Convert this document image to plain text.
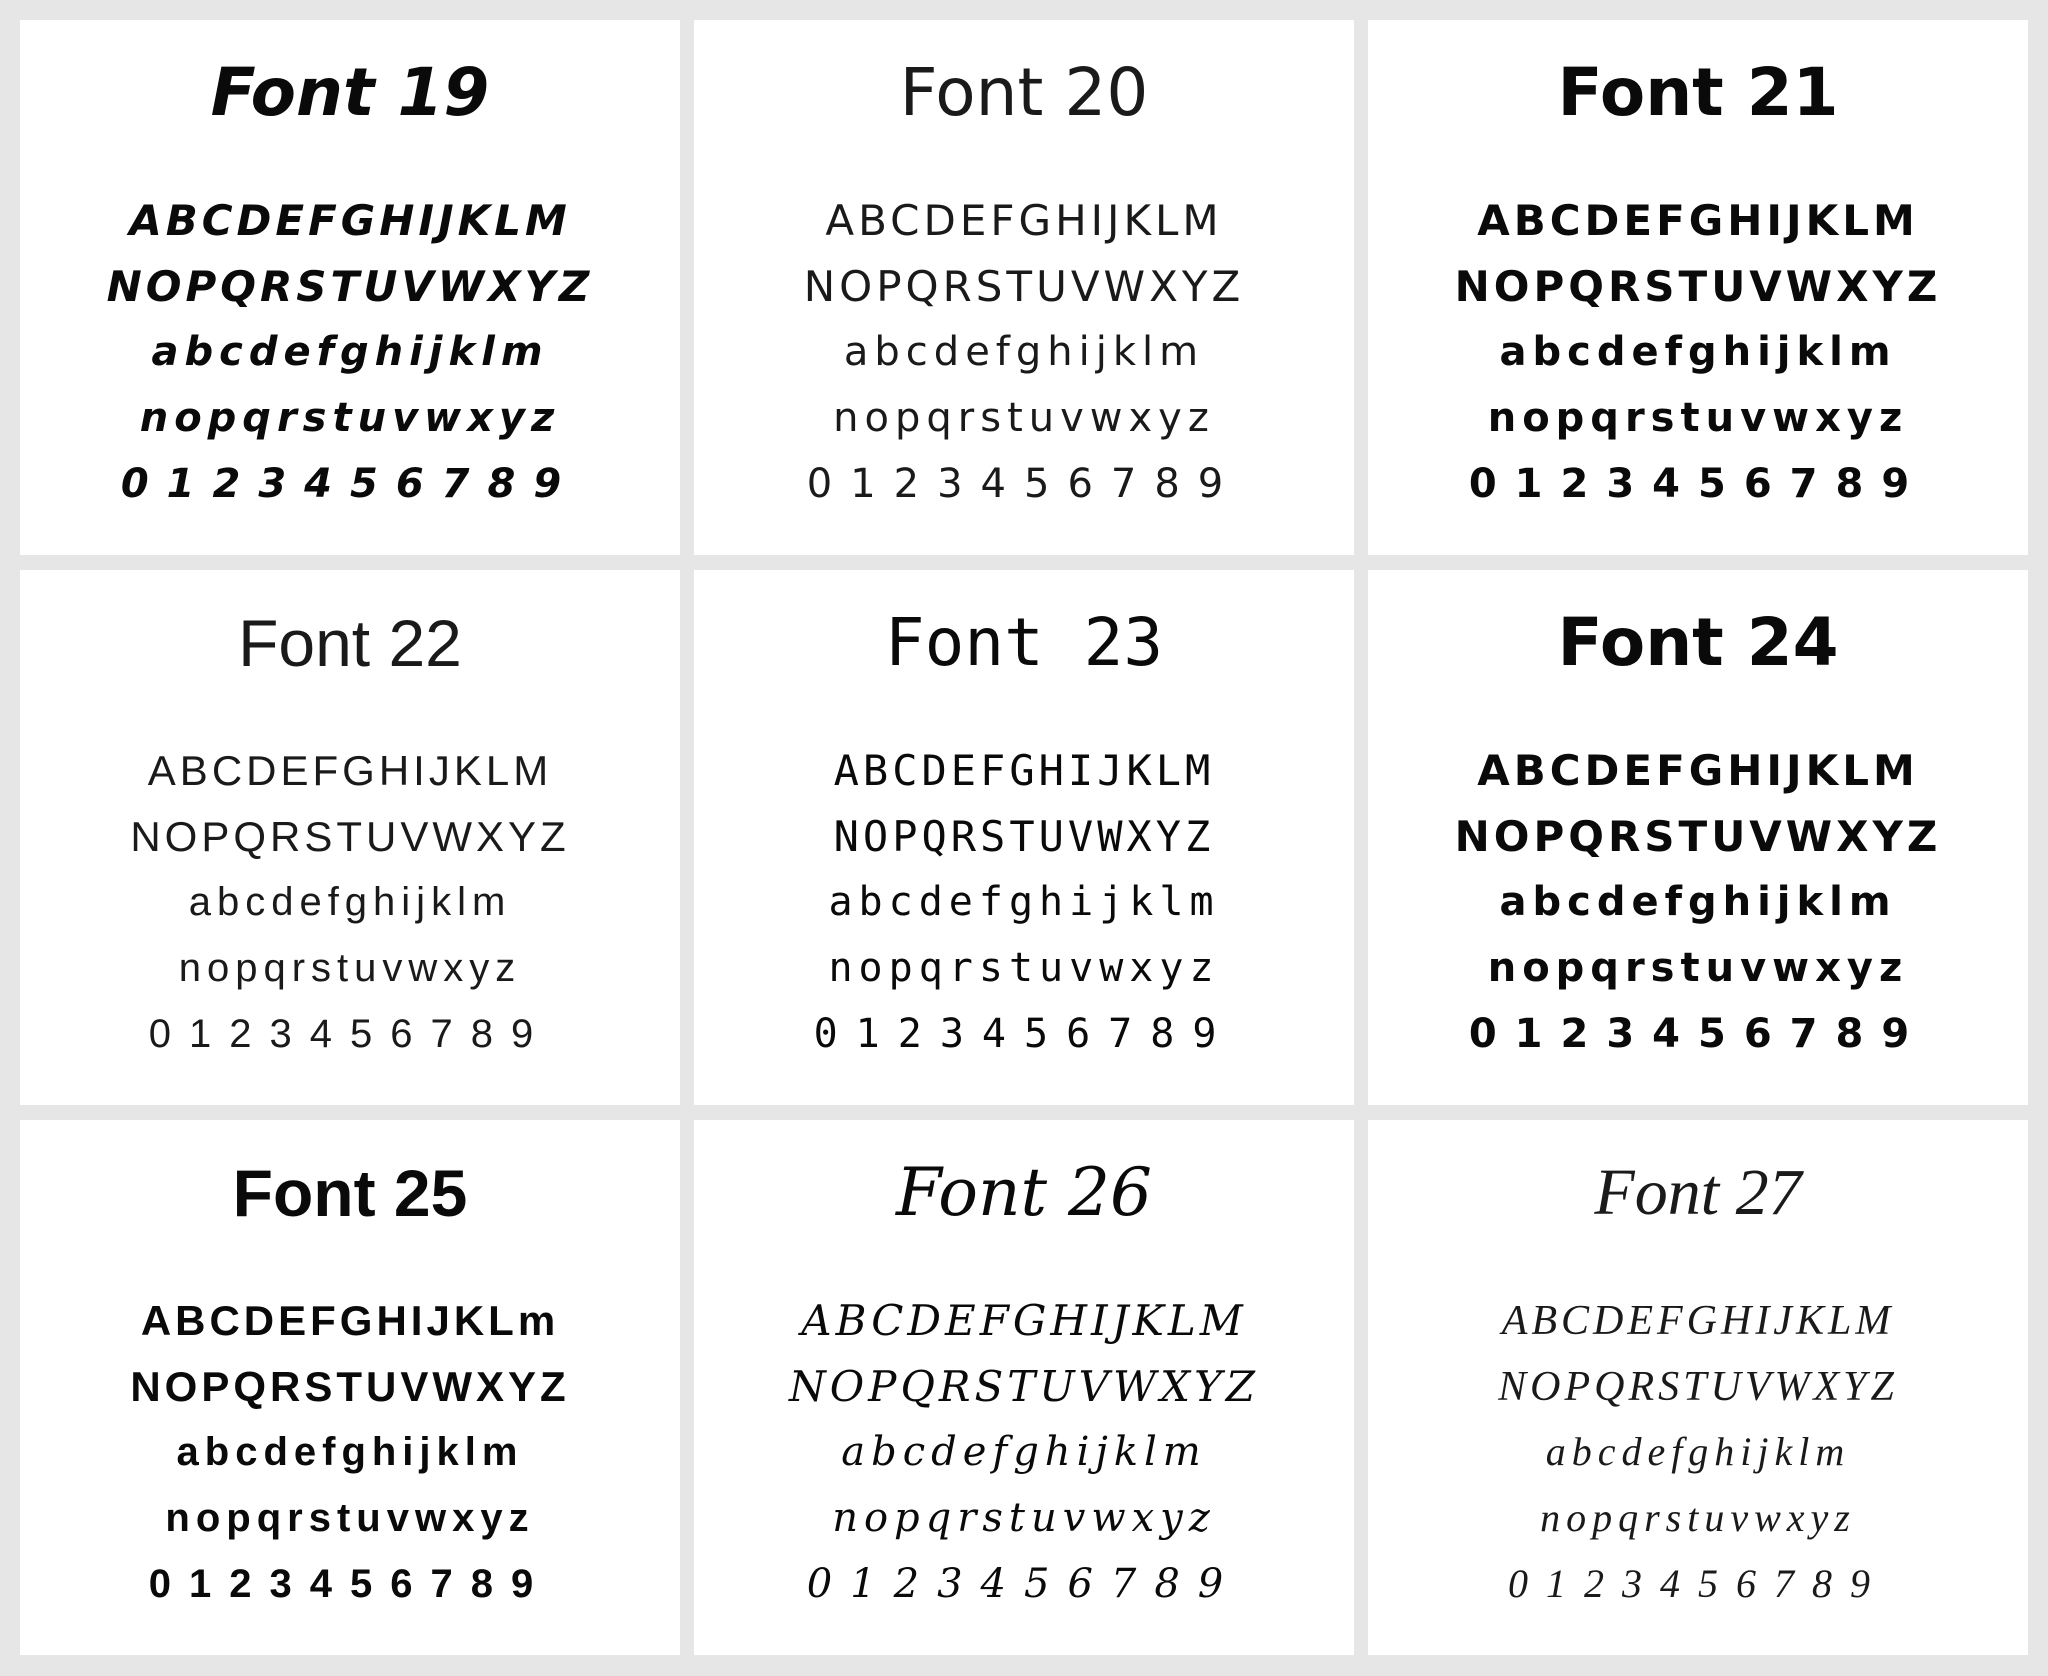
Font 19
ABCDEFGHIJKLM
NOPQRSTUVWXYZ
abcdefghijklm
nopqrstuvwxyz
0123456789
Font 20
ABCDEFGHIJKLM
NOPQRSTUVWXYZ
abcdefghijklm
nopqrstuvwxyz
0123456789
Font 21
ABCDEFGHIJKLM
NOPQRSTUVWXYZ
abcdefghijklm
nopqrstuvwxyz
0123456789
Font 22
ABCDEFGHIJKLM
NOPQRSTUVWXYZ
abcdefghijklm
nopqrstuvwxyz
0123456789
Font 23
ABCDEFGHIJKLM
NOPQRSTUVWXYZ
abcdefghijklm
nopqrstuvwxyz
0123456789
Font 24
ABCDEFGHIJKLM
NOPQRSTUVWXYZ
abcdefghijklm
nopqrstuvwxyz
0123456789
Font 25
ABCDEFGHIJKLm
NOPQRSTUVWXYZ
abcdefghijklm
nopqrstuvwxyz
0123456789
Font 26
ABCDEFGHIJKLM
NOPQRSTUVWXYZ
abcdefghijklm
nopqrstuvwxyz
0123456789
Font 27
ABCDEFGHIJKLM
NOPQRSTUVWXYZ
abcdefghijklm
nopqrstuvwxyz
0123456789
